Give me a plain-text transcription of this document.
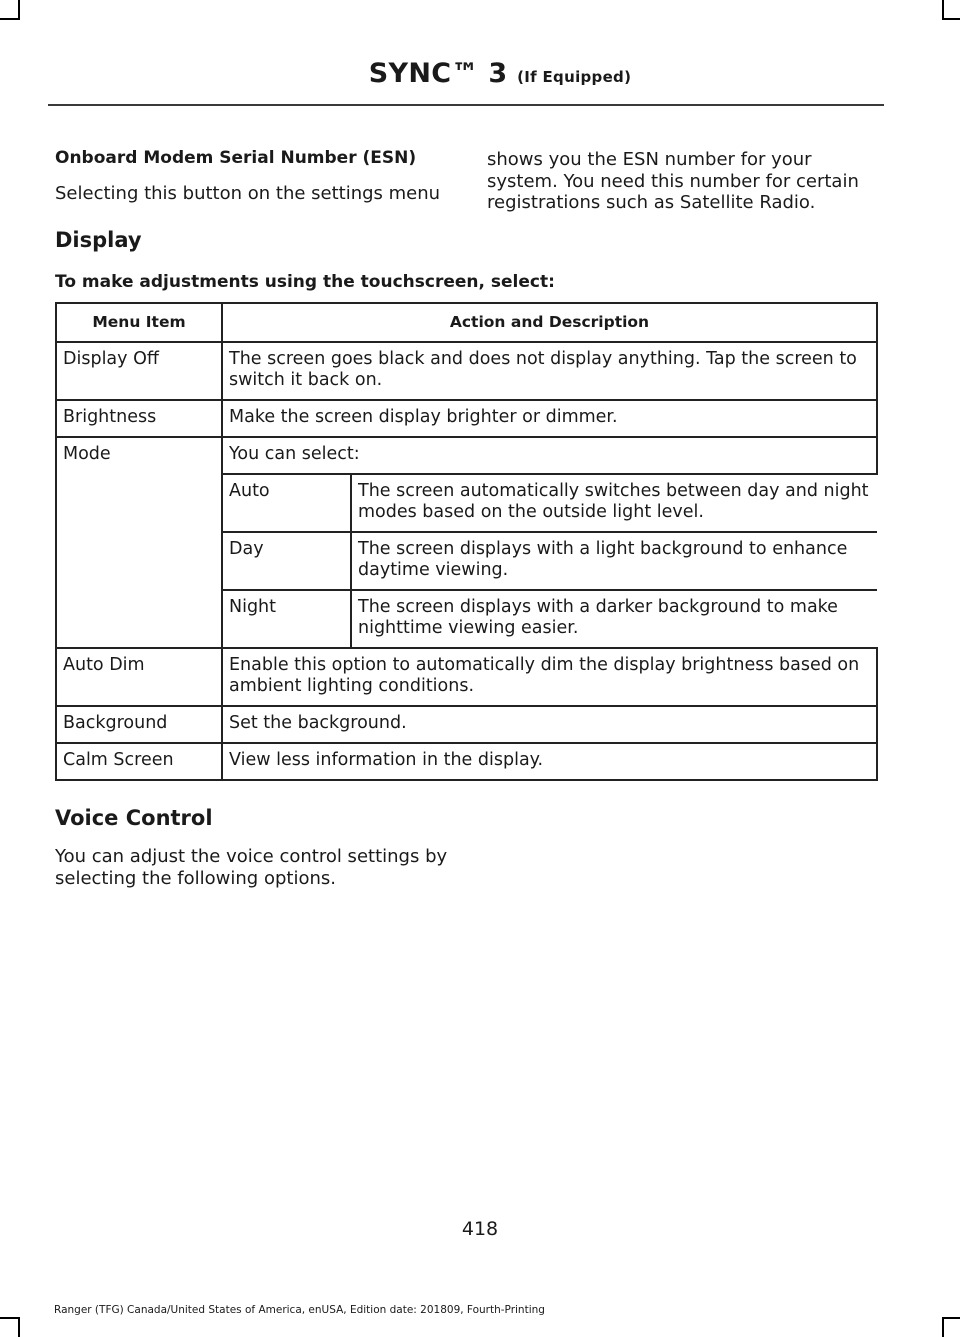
SYNC™ 3 (If Equipped)
Onboard Modem Serial Number (ESN)
Selecting this button on the settings menu
shows you the ESN number for your system. You need this number for certain registrations such as Satellite Radio.
Display
To make adjustments using the touchscreen, select:
Menu Item	Action and Description
Display Off	The screen goes black and does not display anything. Tap the screen to switch it back on.
Brightness	Make the screen display brighter or dimmer.
Mode	You can select:

Auto	The screen automatically switches between day and night modes based on the outside light level.
Day	The screen displays with a light background to enhance daytime viewing.
Night	The screen displays with a darker background to make nighttime viewing easier.

Auto Dim	Enable this option to automatically dim the display brightness based on ambient lighting conditions.
Background	Set the background.
Calm Screen	View less information in the display.
Voice Control
You can adjust the voice control settings by selecting the following options.
418
Ranger (TFG) Canada/United States of America, enUSA, Edition date: 201809, Fourth-Printing
